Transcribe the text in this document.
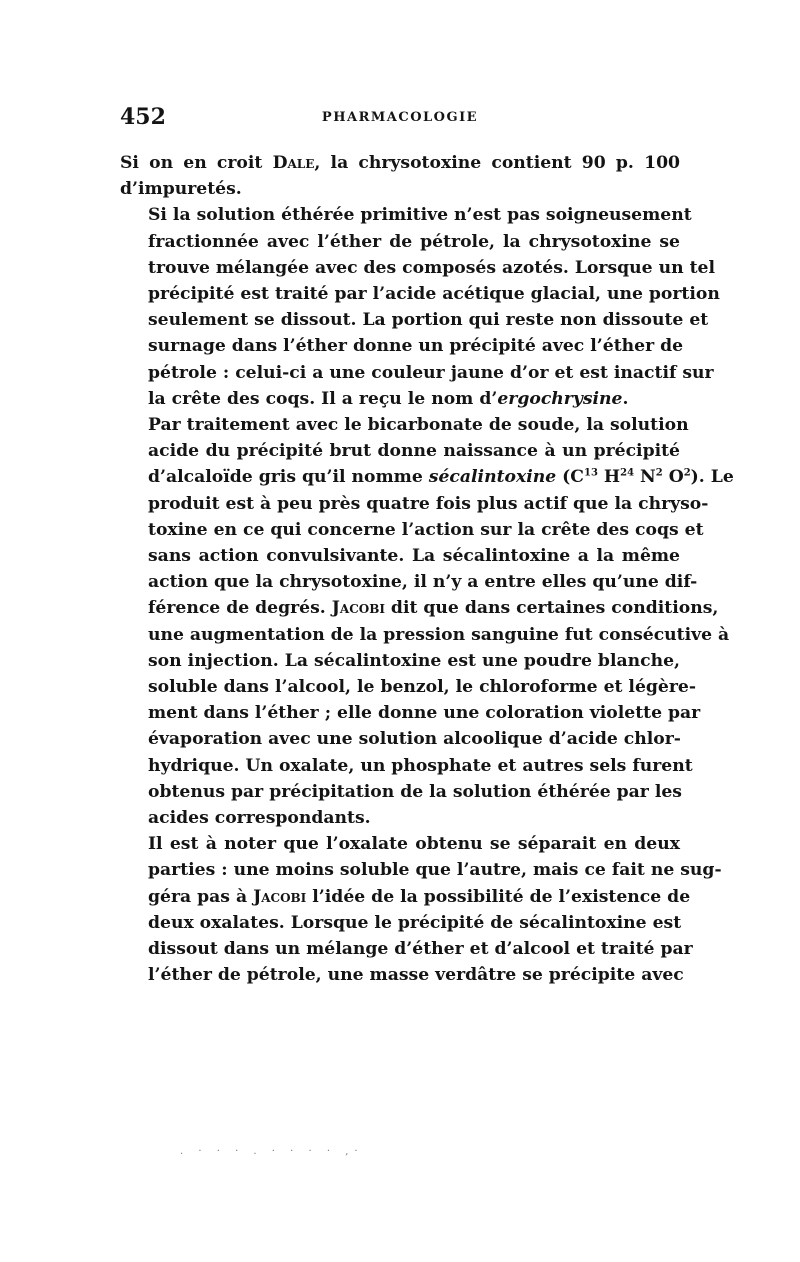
452	PHARMACOLOGIE
Si on en croit Dale, la chrysotoxine contient 90 p. 100
d’impuretés.
Si la solution éthérée primitive n’est pas soigneusement
fractionnée avec l’éther de pétrole, la chrysotoxine se
trouve mélangée avec des composés azotés. Lorsque un tel
précipité est traité par l’acide acétique glacial, une portion
seulement se dissout. La portion qui reste non dissoute et
surnage dans l’éther donne un précipité avec l’éther de
pétrole : celui-ci a une couleur jaune d’or et est inactif sur
la crête des coqs. Il a reçu le nom d’ergochrysine.
Par traitement avec le bicarbonate de soude, la solution
acide du précipité brut donne naissance à un précipité
d’alcaloïde gris qu’il nomme sécalintoxine ($C^{13}$ $H^{24}$ $N^2$ $O^2$). Le
produit est à peu près quatre fois plus actif que la chryso-
toxine en ce qui concerne l’action sur la crête des coqs et
sans action convulsivante. La sécalintoxine a la même
action que la chrysotoxine, il n’y a entre elles qu’une dif-
férence de degrés. Jacobi dit que dans certaines conditions,
une augmentation de la pression sanguine fut consécutive à
son injection. La sécalintoxine est une poudre blanche,
soluble dans l’alcool, le benzol, le chloroforme et légère-
ment dans l’éther ; elle donne une coloration violette par
évaporation avec une solution alcoolique d’acide chlor-
hydrique. Un oxalate, un phosphate et autres sels furent
obtenus par précipitation de la solution éthérée par les
acides correspondants.
Il est à noter que l’oxalate obtenu se séparait en deux
parties : une moins soluble que l’autre, mais ce fait ne sug-
géra pas à Jacobi l’idée de la possibilité de l’existence de
deux oxalates. Lorsque le précipité de sécalintoxine est
dissout dans un mélange d’éther et d’alcool et traité par
l’éther de pétrole, une masse verdâtre se précipite avec
. · · · . · · · · ,·
